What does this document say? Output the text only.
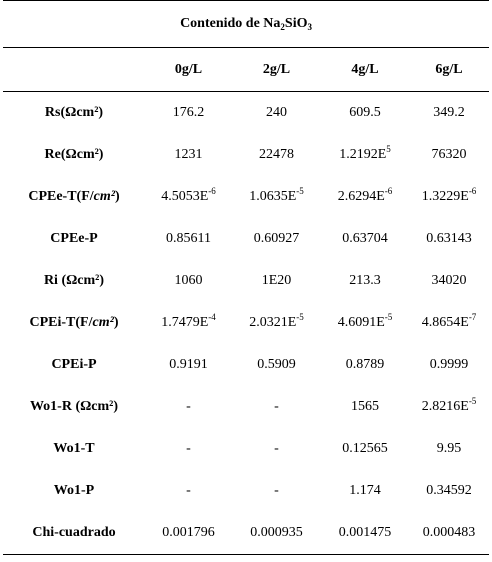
Contenido de $Na_2SiO_3$
	0g/L	2g/L	4g/L	6g/L
Rs(Ωcm²)	176.2	240	609.5	349.2
Re(Ωcm²)	1231	22478	$1.2192E^5$	76320
CPEe-T(F/cm²)	$4.5053E^{-6}$	$1.0635E^{-5}$	$2.6294E^{-6}$	$1.3229E^{-6}$
CPEe-P	0.85611	0.60927	0.63704	0.63143
Ri (Ωcm²)	1060	1E20	213.3	34020
CPEi-T(F/cm²)	$1.7479E^{-4}$	$2.0321E^{-5}$	$4.6091E^{-5}$	$4.8654E^{-7}$
CPEi-P	0.9191	0.5909	0.8789	0.9999
Wo1-R (Ωcm²)	-	-	1565	$2.8216E^{-5}$
Wo1-T	-	-	0.12565	9.95
Wo1-P	-	-	1.174	0.34592
Chi-cuadrado	0.001796	0.000935	0.001475	0.000483
